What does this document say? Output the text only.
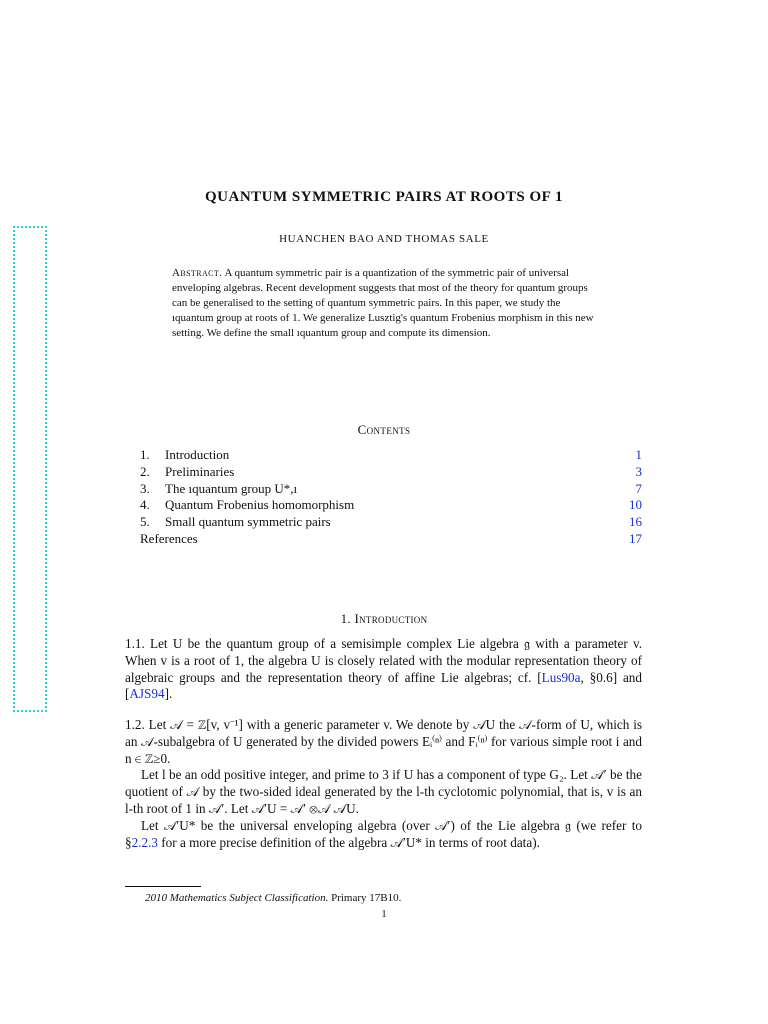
QUANTUM SYMMETRIC PAIRS AT ROOTS OF 1
HUANCHEN BAO AND THOMAS SALE
Abstract. A quantum symmetric pair is a quantization of the symmetric pair of universal enveloping algebras. Recent development suggests that most of the theory for quantum groups can be generalised to the setting of quantum symmetric pairs. In this paper, we study the ıquantum group at roots of 1. We generalize Lusztig's quantum Frobenius morphism in this new setting. We define the small ıquantum group and compute its dimension.
Contents
1. Introduction	1
2. Preliminaries	3
3. The ıquantum group U*,ı	7
4. Quantum Frobenius homomorphism	10
5. Small quantum symmetric pairs	16
References	17
1. Introduction
1.1. Let U be the quantum group of a semisimple complex Lie algebra 𝔤 with a parameter v. When v is a root of 1, the algebra U is closely related with the modular representation theory of algebraic groups and the representation theory of affine Lie algebras; cf. [Lus90a, §0.6] and [AJS94].
1.2. Let 𝒜 = ℤ[v, v⁻¹] with a generic parameter v. We denote by 𝒜U the 𝒜-form of U, which is an 𝒜-subalgebra of U generated by the divided powers Eᵢ⁽ⁿ⁾ and Fᵢ⁽ⁿ⁾ for various simple root i and n ∈ ℤ≥0.
Let l be an odd positive integer, and prime to 3 if U has a component of type G₂. Let 𝒜′ be the quotient of 𝒜 by the two-sided ideal generated by the l-th cyclotomic polynomial, that is, v is an l-th root of 1 in 𝒜′. Let 𝒜′U = 𝒜′ ⊗𝒜 𝒜U.
Let 𝒜′U* be the universal enveloping algebra (over 𝒜′) of the Lie algebra 𝔤 (we refer to §2.2.3 for a more precise definition of the algebra 𝒜′U* in terms of root data).
2010 Mathematics Subject Classification. Primary 17B10.
1
